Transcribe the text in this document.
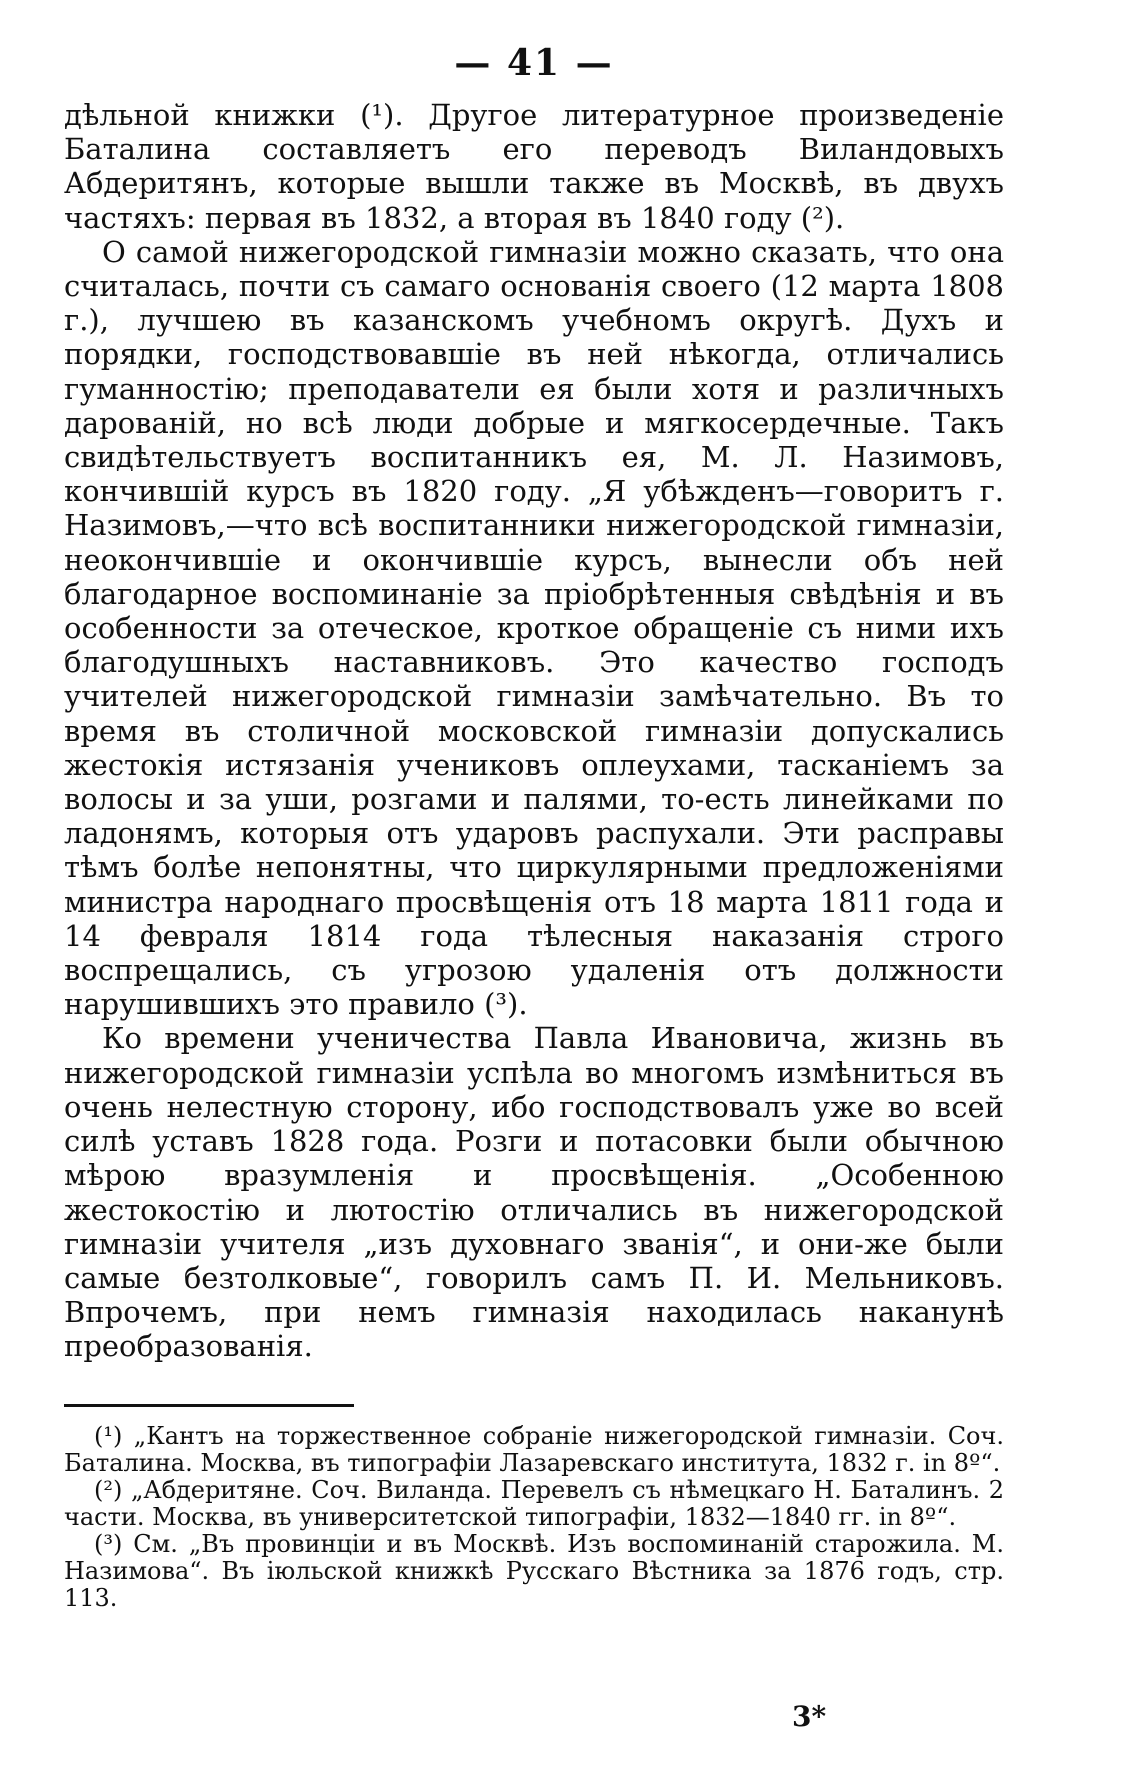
— 41 —

дѣльной книжки (¹). Другое литературное произведеніе Баталина составляетъ его переводъ Виландовыхъ Абдеритянъ, которые вышли также въ Москвѣ, въ двухъ частяхъ: первая въ 1832, а вторая въ 1840 году (²).

О самой нижегородской гимназіи можно сказать, что она считалась, почти съ самаго основанія своего (12 марта 1808 г.), лучшею въ казанскомъ учебномъ округѣ. Духъ и порядки, господствовавшіе въ ней нѣкогда, отличались гуманностію; преподаватели ея были хотя и различныхъ дарованій, но всѣ люди добрые и мягкосердечные. Такъ свидѣтельствуетъ воспитанникъ ея, М. Л. Назимовъ, кончившій курсъ въ 1820 году. „Я убѣжденъ—говоритъ г. Назимовъ,—что всѣ воспитанники нижегородской гимназіи, неокончившіе и окончившіе курсъ, вынесли объ ней благодарное воспоминаніе за пріобрѣтенныя свѣдѣнія и въ особенности за отеческое, кроткое обращеніе съ ними ихъ благодушныхъ наставниковъ. Это качество господъ учителей нижегородской гимназіи замѣчательно. Въ то время въ столичной московской гимназіи допускались жестокія истязанія учениковъ оплеухами, тасканіемъ за волосы и за уши, розгами и палями, то-есть линейками по ладонямъ, которыя отъ ударовъ распухали. Эти расправы тѣмъ болѣе непонятны, что циркулярными предложеніями министра народнаго просвѣщенія отъ 18 марта 1811 года и 14 февраля 1814 года тѣлесныя наказанія строго воспрещались, съ угрозою удаленія отъ должности нарушившихъ это правило (³).

Ко времени ученичества Павла Ивановича, жизнь въ нижегородской гимназіи успѣла во многомъ измѣниться въ очень нелестную сторону, ибо господствовалъ уже во всей силѣ уставъ 1828 года. Розги и потасовки были обычною мѣрою вразумленія и просвѣщенія. „Особенною жестокостію и лютостію отличались въ нижегородской гимназіи учителя „изъ духовнаго званія“, и они-же были самые безтолковые“, говорилъ самъ П. И. Мельниковъ. Впрочемъ, при немъ гимназія находилась наканунѣ преобразованія.

(¹) „Кантъ на торжественное собраніе нижегородской гимназіи. Соч. Баталина. Москва, въ типографіи Лазаревскаго института, 1832 г. in 8º“.

(²) „Абдеритяне. Соч. Виланда. Перевелъ съ нѣмецкаго Н. Баталинъ. 2 части. Москва, въ университетской типографіи, 1832—1840 гг. in 8º“.

(³) См. „Въ провинціи и въ Москвѣ. Изъ воспоминаній старожила. М. Назимова“. Въ іюльской книжкѣ Русскаго Вѣстника за 1876 годъ, стр. 113.

3*
